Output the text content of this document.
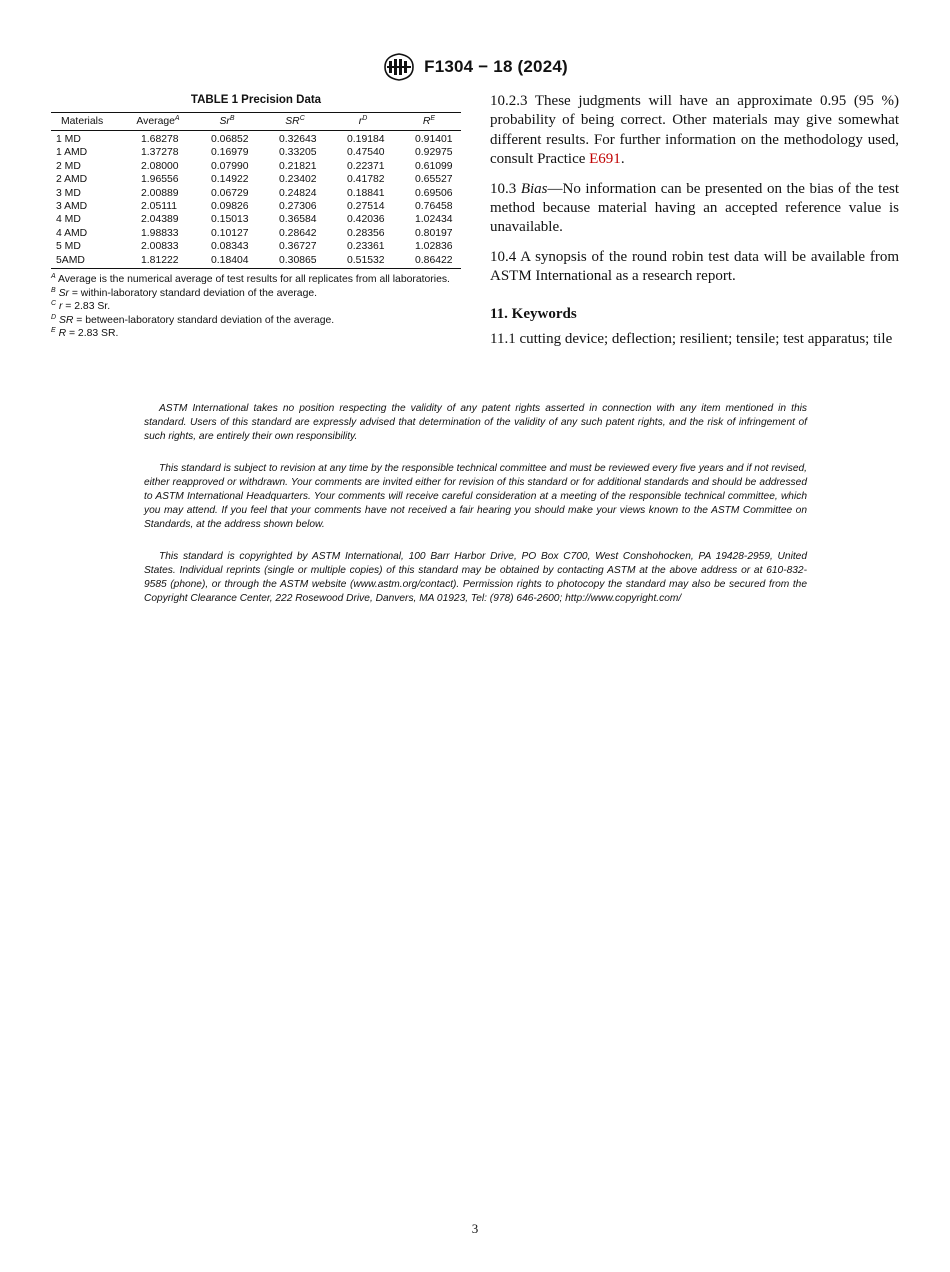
F1304 − 18 (2024)
TABLE 1 Precision Data
Materials	Average$^A$	$Sr^B$	$SR^C$	$r^D$	$R^E$
1 MD	1.68278	0.06852	0.32643	0.19184	0.91401
1 AMD	1.37278	0.16979	0.33205	0.47540	0.92975
2 MD	2.08000	0.07990	0.21821	0.22371	0.61099
2 AMD	1.96556	0.14922	0.23402	0.41782	0.65527
3 MD	2.00889	0.06729	0.24824	0.18841	0.69506
3 AMD	2.05111	0.09826	0.27306	0.27514	0.76458
4 MD	2.04389	0.15013	0.36584	0.42036	1.02434
4 AMD	1.98833	0.10127	0.28642	0.28356	0.80197
5 MD	2.00833	0.08343	0.36727	0.23361	1.02836
5AMD	1.81222	0.18404	0.30865	0.51532	0.86422

$^A$ Average is the numerical average of test results for all replicates from all laboratories.

$^B$ Sr = within-laboratory standard deviation of the average.

$^C$ r = 2.83 Sr.

$^D$ SR = between-laboratory standard deviation of the average.

$^E$ R = 2.83 SR.

10.2.3 These judgments will have an approximate 0.95 (95 %) probability of being correct. Other materials may give somewhat different results. For further information on the methodology used, consult Practice E691.

10.3 Bias—No information can be presented on the bias of the test method because material having an accepted reference value is unavailable.

10.4 A synopsis of the round robin test data will be available from ASTM International as a research report.

11. Keywords

11.1 cutting device; deflection; resilient; tensile; test apparatus; tile

ASTM International takes no position respecting the validity of any patent rights asserted in connection with any item mentioned in this standard. Users of this standard are expressly advised that determination of the validity of any such patent rights, and the risk of infringement of such rights, are entirely their own responsibility.

This standard is subject to revision at any time by the responsible technical committee and must be reviewed every five years and if not revised, either reapproved or withdrawn. Your comments are invited either for revision of this standard or for additional standards and should be addressed to ASTM International Headquarters. Your comments will receive careful consideration at a meeting of the responsible technical committee, which you may attend. If you feel that your comments have not received a fair hearing you should make your views known to the ASTM Committee on Standards, at the address shown below.

This standard is copyrighted by ASTM International, 100 Barr Harbor Drive, PO Box C700, West Conshohocken, PA 19428-2959, United States. Individual reprints (single or multiple copies) of this standard may be obtained by contacting ASTM at the above address or at 610-832-9585 (phone), or through the ASTM website (www.astm.org/contact). Permission rights to photocopy the standard may also be secured from the Copyright Clearance Center, 222 Rosewood Drive, Danvers, MA 01923, Tel: (978) 646-2600; http://www.copyright.com/

3
